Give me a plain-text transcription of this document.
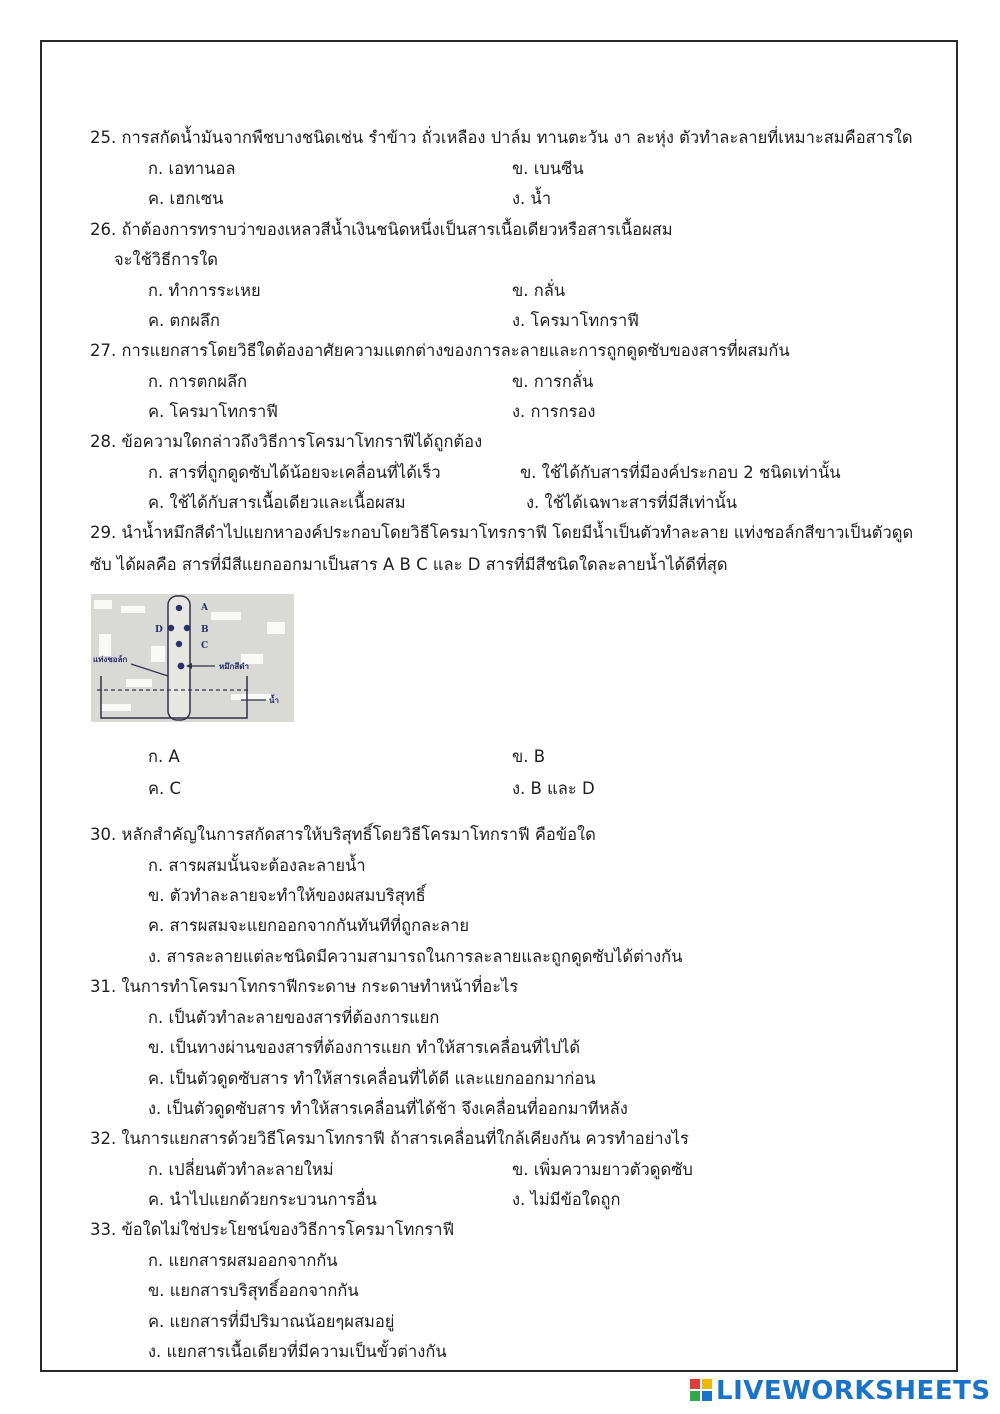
25. การสกัดน้ำมันจากพืชบางชนิดเช่น รำข้าว ถั่วเหลือง ปาล์ม ทานตะวัน งา ละหุ่ง ตัวทำละลายที่เหมาะสมคือสารใด
ก. เอทานอล	ข. เบนซีน
ค. เฮกเซน	ง. น้ำ
26. ถ้าต้องการทราบว่าของเหลวสีน้ำเงินชนิดหนึ่งเป็นสารเนื้อเดียวหรือสารเนื้อผสม
จะใช้วิธีการใด
ก. ทำการระเหย	ข. กลั่น
ค. ตกผลึก	ง. โครมาโทกราฟี
27. การแยกสารโดยวิธีใดต้องอาศัยความแตกต่างของการละลายและการถูกดูดซับของสารที่ผสมกัน
ก. การตกผลึก	ข. การกลั่น
ค. โครมาโทกราฟี	ง. การกรอง
28. ข้อความใดกล่าวถึงวิธีการโครมาโทกราฟีได้ถูกต้อง
ก. สารที่ถูกดูดซับได้น้อยจะเคลื่อนที่ได้เร็ว	ข. ใช้ได้กับสารที่มีองค์ประกอบ 2 ชนิดเท่านั้น
ค. ใช้ได้กับสารเนื้อเดียวและเนื้อผสม	ง. ใช้ได้เฉพาะสารที่มีสีเท่านั้น
29. นำน้ำหมึกสีดำไปแยกหาองค์ประกอบโดยวิธีโครมาโทรกราฟี โดยมีน้ำเป็นตัวทำละลาย แท่งชอล์กสีขาวเป็นตัวดูด
ซับ ได้ผลคือ สารที่มีสีแยกออกมาเป็นสาร A B C และ D สารที่มีสีชนิดใดละลายน้ำได้ดีที่สุด
A
B
C
D
แท่งชอล์ก
หมึกสีดำ
น้ำ
ก. A	ข. B
ค. C	ง. B และ D
30. หลักสำคัญในการสกัดสารให้บริสุทธิ์โดยวิธีโครมาโทกราฟี คือข้อใด
ก. สารผสมนั้นจะต้องละลายน้ำ
ข. ตัวทำละลายจะทำให้ของผสมบริสุทธิ์
ค. สารผสมจะแยกออกจากกันทันทีที่ถูกละลาย
ง. สารละลายแต่ละชนิดมีความสามารถในการละลายและถูกดูดซับได้ต่างกัน
31. ในการทำโครมาโทกราฟีกระดาษ กระดาษทำหน้าที่อะไร
ก. เป็นตัวทำละลายของสารที่ต้องการแยก
ข. เป็นทางผ่านของสารที่ต้องการแยก ทำให้สารเคลื่อนที่ไปได้
ค. เป็นตัวดูดซับสาร ทำให้สารเคลื่อนที่ได้ดี และแยกออกมาก่อน
ง. เป็นตัวดูดซับสาร ทำให้สารเคลื่อนที่ได้ช้า จึงเคลื่อนที่ออกมาทีหลัง
32. ในการแยกสารด้วยวิธีโครมาโทกราฟี ถ้าสารเคลื่อนที่ใกล้เคียงกัน ควรทำอย่างไร
ก. เปลี่ยนตัวทำละลายใหม่	ข. เพิ่มความยาวตัวดูดซับ
ค. นำไปแยกด้วยกระบวนการอื่น	ง. ไม่มีข้อใดถูก
33. ข้อใดไม่ใช่ประโยชน์ของวิธีการโครมาโทกราฟี
ก. แยกสารผสมออกจากกัน
ข. แยกสารบริสุทธิ์ออกจากกัน
ค. แยกสารที่มีปริมาณน้อยๆผสมอยู่
ง. แยกสารเนื้อเดียวที่มีความเป็นขั้วต่างกัน
LIVEWORKSHEETS
